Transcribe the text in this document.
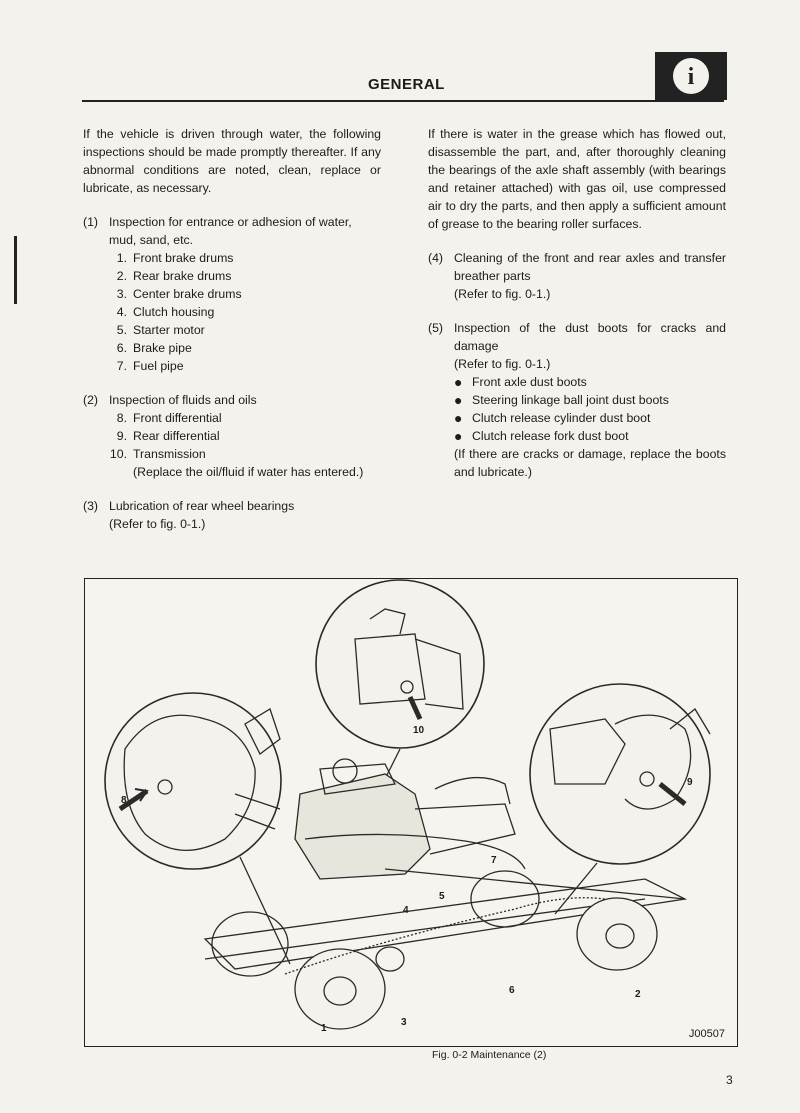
GENERAL	i

If the vehicle is driven through water, the following inspections should be made promptly thereafter. If any abnormal conditions are noted, clean, replace or lubricate, as necessary.

(1) Inspection for entrance or adhesion of water,
mud, sand, etc.
1. Front brake drums
2. Rear brake drums
3. Center brake drums
4. Clutch housing
5. Starter motor
6. Brake pipe
7. Fuel pipe
(2) Inspection of fluids and oils
8. Front differential
9. Rear differential
10. Transmission
(Replace the oil/fluid if water has entered.)
(3) Lubrication of rear wheel bearings
(Refer to fig. 0-1.)

If there is water in the grease which has flowed out, disassemble the part, and, after thoroughly cleaning the bearings of the axle shaft assembly (with bearings and retainer attached) with gas oil, use compressed air to dry the parts, and then apply a sufficient amount of grease to the bearing roller surfaces.

(4) Cleaning of the front and rear axles and transfer breather parts
(Refer to fig. 0-1.)
(5) Inspection of the dust boots for cracks and damage
(Refer to fig. 0-1.)
● Front axle dust boots
● Steering linkage ball joint dust boots
● Clutch release cylinder dust boot
● Clutch release fork dust boot
(If there are cracks or damage, replace the boots and lubricate.)
1
2
3
4
5
6
7
8
9
10
J00507
Fig. 0-2 Maintenance (2)
3
